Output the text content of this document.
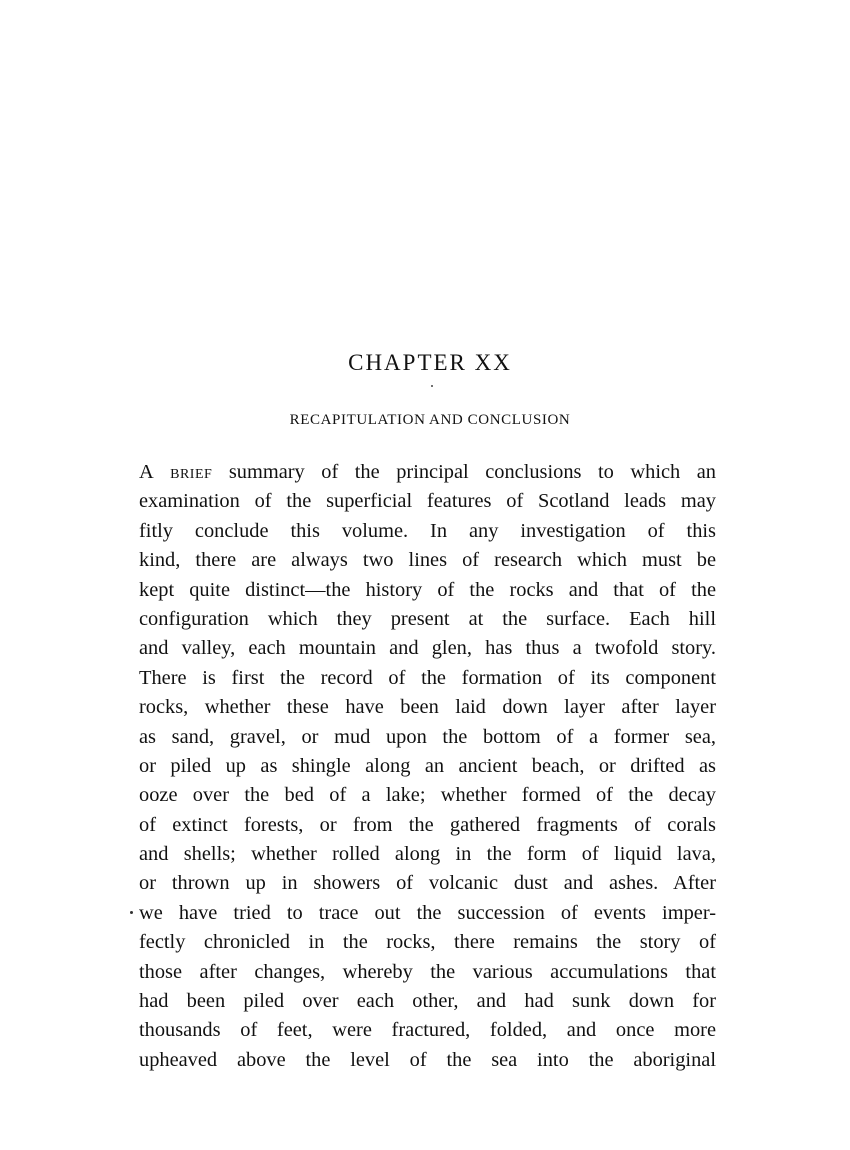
CHAPTER XX
RECAPITULATION AND CONCLUSION
A brief summary of the principal conclusions to which an
examination of the superficial features of Scotland leads may
fitly conclude this volume. In any investigation of this
kind, there are always two lines of research which must be
kept quite distinct—the history of the rocks and that of the
configuration which they present at the surface. Each hill
and valley, each mountain and glen, has thus a twofold story.
There is first the record of the formation of its component
rocks, whether these have been laid down layer after layer
as sand, gravel, or mud upon the bottom of a former sea,
or piled up as shingle along an ancient beach, or drifted as
ooze over the bed of a lake; whether formed of the decay
of extinct forests, or from the gathered fragments of corals
and shells; whether rolled along in the form of liquid lava,
or thrown up in showers of volcanic dust and ashes. After
we have tried to trace out the succession of events imper-
fectly chronicled in the rocks, there remains the story of
those after changes, whereby the various accumulations that
had been piled over each other, and had sunk down for
thousands of feet, were fractured, folded, and once more
upheaved above the level of the sea into the aboriginal
